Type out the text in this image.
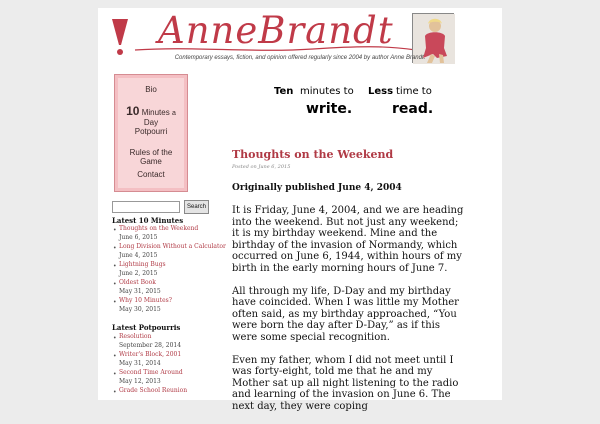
AnneBrandt
Contemporary essays, fiction, and opinion offered regularly since 2004 by author Anne Brandt.
Bio
10 Minutes a Day
Potpourri
Rules of the Game
Contact
Search
Latest 10 Minutes
• Thoughts on the Weekend
June 6, 2015
• Long Division Without a Calculator
June 4, 2015
• Lightning Bugs
June 2, 2015
• Oldest Book
May 31, 2015
• Why 10 Minutes?
May 30, 2015
Latest Potpourris
• Resolution
September 28, 2014
• Writer's Block, 2001
May 31, 2014
• Second Time Around
May 12, 2013
• Grade School Reunion
Ten minutes to
write.
Less time to
read.
Thoughts on the Weekend
Posted on June 6, 2015
Originally published June 4, 2004

It is Friday, June 4, 2004, and we are heading into the weekend. But not just any weekend; it is my birthday weekend. Mine and the birthday of the invasion of Normandy, which occurred on June 6, 1944, within hours of my birth in the early morning hours of June 7.

All through my life, D-Day and my birthday have coincided. When I was little my Mother often said, as my birthday approached, “You were born the day after D-Day,” as if this were some special recognition.

Even my father, whom I did not meet until I was forty-eight, told me that he and my Mother sat up all night listening to the radio and learning of the invasion on June 6. The next day, they were coping
